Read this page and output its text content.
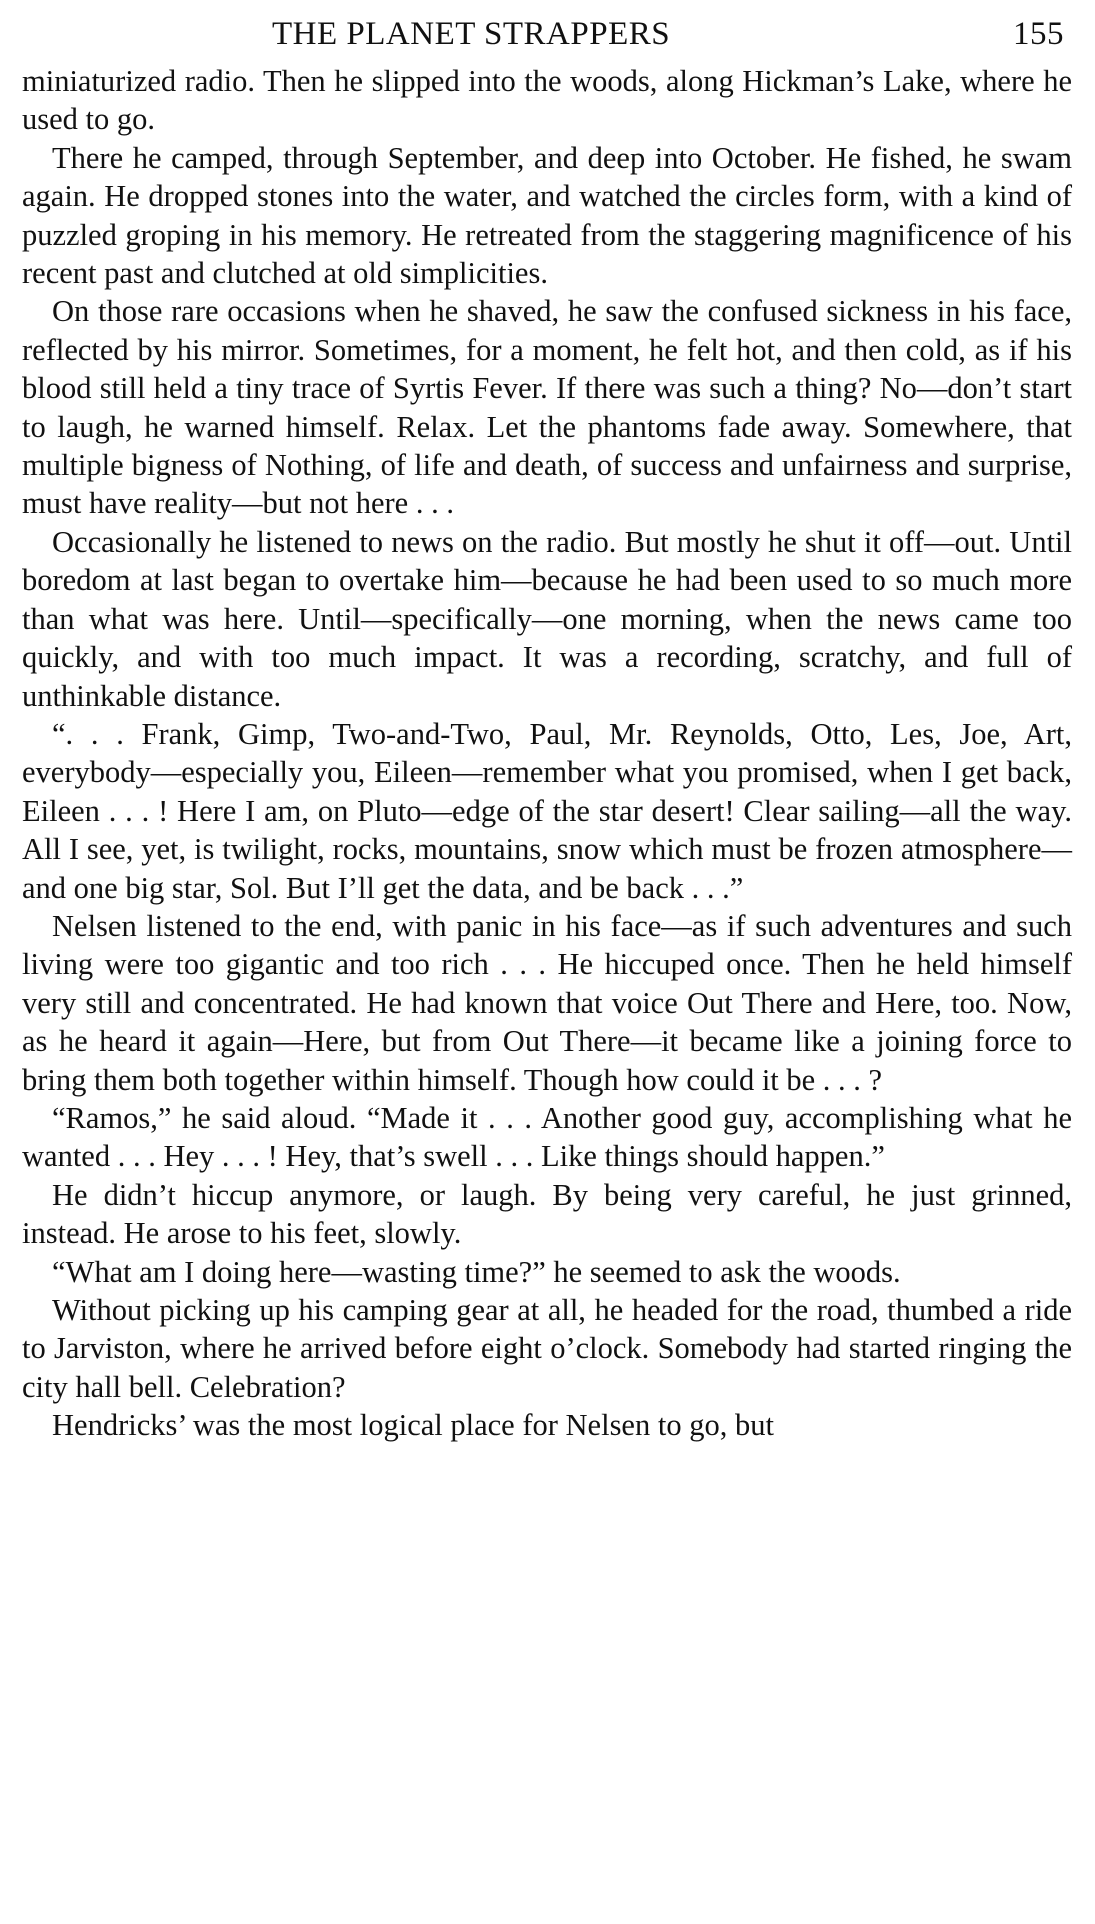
THE PLANET STRAPPERS	155

miniaturized radio. Then he slipped into the woods, along Hickman’s Lake, where he used to go.

There he camped, through September, and deep into October. He fished, he swam again. He dropped stones into the water, and watched the circles form, with a kind of puzzled groping in his memory. He retreated from the staggering magnificence of his recent past and clutched at old simplicities.

On those rare occasions when he shaved, he saw the confused sickness in his face, reflected by his mirror. Sometimes, for a moment, he felt hot, and then cold, as if his blood still held a tiny trace of Syrtis Fever. If there was such a thing? No—don’t start to laugh, he warned himself. Relax. Let the phantoms fade away. Somewhere, that multiple bigness of Nothing, of life and death, of success and unfairness and surprise, must have reality—but not here . . .

Occasionally he listened to news on the radio. But mostly he shut it off—out. Until boredom at last began to overtake him—because he had been used to so much more than what was here. Until—specifically—one morning, when the news came too quickly, and with too much impact. It was a recording, scratchy, and full of unthinkable distance.

“. . . Frank, Gimp, Two-and-Two, Paul, Mr. Reynolds, Otto, Les, Joe, Art, everybody—especially you, Eileen—remember what you promised, when I get back, Eileen . . . ! Here I am, on Pluto—edge of the star desert! Clear sailing—all the way. All I see, yet, is twilight, rocks, mountains, snow which must be frozen atmosphere—and one big star, Sol. But I’ll get the data, and be back . . .”

Nelsen listened to the end, with panic in his face—as if such adventures and such living were too gigantic and too rich . . . He hiccuped once. Then he held himself very still and concentrated. He had known that voice Out There and Here, too. Now, as he heard it again—Here, but from Out There—it became like a joining force to bring them both together within himself. Though how could it be . . . ?

“Ramos,” he said aloud. “Made it . . . Another good guy, accomplishing what he wanted . . . Hey . . . ! Hey, that’s swell . . . Like things should happen.”

He didn’t hiccup anymore, or laugh. By being very careful, he just grinned, instead. He arose to his feet, slowly.

“What am I doing here—wasting time?” he seemed to ask the woods.

Without picking up his camping gear at all, he headed for the road, thumbed a ride to Jarviston, where he arrived before eight o’clock. Somebody had started ringing the city hall bell. Celebration?

Hendricks’ was the most logical place for Nelsen to go, but
